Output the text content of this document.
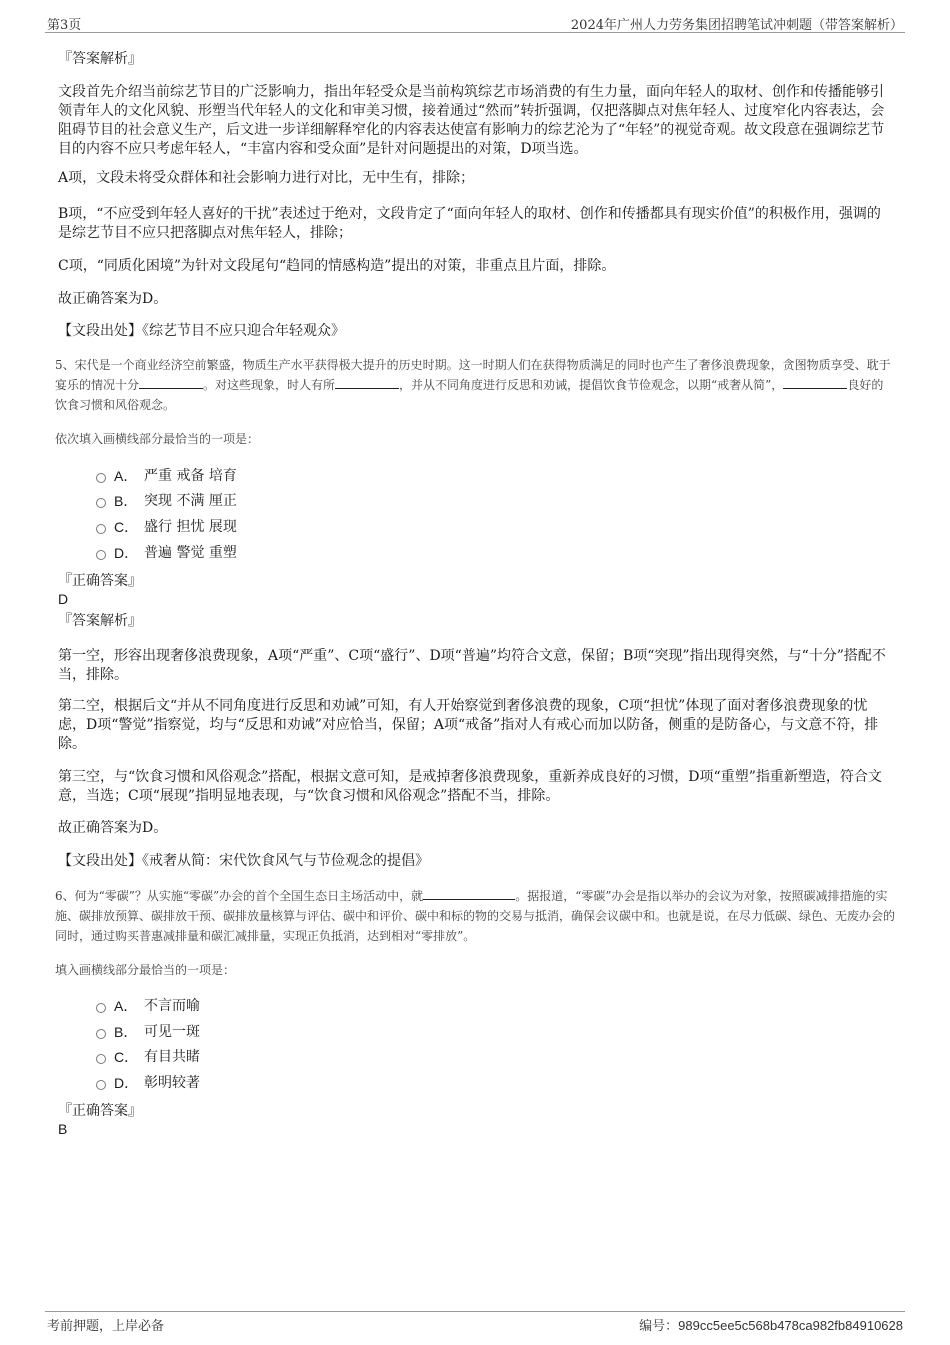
第3页	2024年广州人力劳务集团招聘笔试冲刺题（带答案解析）
『答案解析』

文段首先介绍当前综艺节目的广泛影响力，指出年轻受众是当前构筑综艺市场消费的有生力量，面向年轻人的取材、创作和传播能够引领青年人的文化风貌、形塑当代年轻人的文化和审美习惯，接着通过“然而”转折强调，仅把落脚点对焦年轻人、过度窄化内容表达，会阻碍节目的社会意义生产，后文进一步详细解释窄化的内容表达使富有影响力的综艺沦为了“年轻”的视觉奇观。故文段意在强调综艺节目的内容不应只考虑年轻人，“丰富内容和受众面”是针对问题提出的对策，D项当选。

A项，文段未将受众群体和社会影响力进行对比，无中生有，排除；

B项，“不应受到年轻人喜好的干扰”表述过于绝对，文段肯定了“面向年轻人的取材、创作和传播都具有现实价值”的积极作用，强调的是综艺节目不应只把落脚点对焦年轻人，排除；

C项，“同质化困境”为针对文段尾句“趋同的情感构造”提出的对策，非重点且片面，排除。

故正确答案为D。

【文段出处】《综艺节目不应只迎合年轻观众》

5、宋代是一个商业经济空前繁盛，物质生产水平获得极大提升的历史时期。这一时期人们在获得物质满足的同时也产生了奢侈浪费现象，贪图物质享受、耽于宴乐的情况十分	。对这些现象，时人有所	，并从不同角度进行反思和劝诫，提倡饮食节俭观念，以期“戒奢从简”，	良好的饮食习惯和风俗观念。

依次填入画横线部分最恰当的一项是：
A． 严重 戒备 培育
B． 突现 不满 厘正
C． 盛行 担忧 展现
D． 普遍 警觉 重塑
『正确答案』
D
『答案解析』

第一空，形容出现奢侈浪费现象，A项“严重”、C项“盛行”、D项“普遍”均符合文意，保留；B项“突现”指出现得突然，与“十分”搭配不当，排除。

第二空，根据后文“并从不同角度进行反思和劝诫”可知，有人开始察觉到奢侈浪费的现象，C项“担忧”体现了面对奢侈浪费现象的忧虑，D项“警觉”指察觉，均与“反思和劝诫”对应恰当，保留；A项“戒备”指对人有戒心而加以防备，侧重的是防备心，与文意不符，排除。

第三空，与“饮食习惯和风俗观念”搭配，根据文意可知，是戒掉奢侈浪费现象，重新养成良好的习惯，D项“重塑”指重新塑造，符合文意，当选；C项“展现”指明显地表现，与“饮食习惯和风俗观念”搭配不当，排除。

故正确答案为D。

【文段出处】《戒奢从简：宋代饮食风气与节俭观念的提倡》

6、何为“零碳”？从实施“零碳”办会的首个全国生态日主场活动中，就	。据报道，“零碳”办会是指以举办的会议为对象，按照碳减排措施的实施、碳排放预算、碳排放干预、碳排放量核算与评估、碳中和评价、碳中和标的物的交易与抵消，确保会议碳中和。也就是说，在尽力低碳、绿色、无废办会的同时，通过购买普惠减排量和碳汇减排量，实现正负抵消，达到相对“零排放”。

填入画横线部分最恰当的一项是：
A． 不言而喻
B． 可见一斑
C． 有目共睹
D． 彰明较著
『正确答案』
B
考前押题，上岸必备	编号：989cc5ee5c568b478ca982fb84910628
